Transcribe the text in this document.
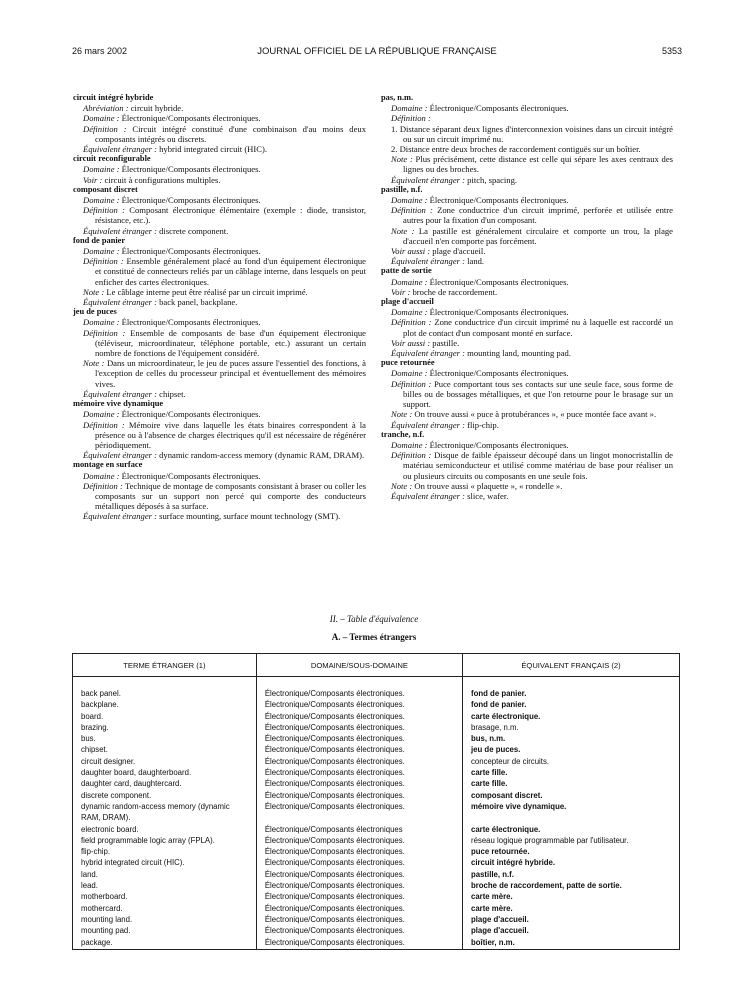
26 mars 2002	JOURNAL OFFICIEL DE LA RÉPUBLIQUE FRANÇAISE	5353
circuit intégré hybride
Abréviation : circuit hybride.
Domaine : Électronique/Composants électroniques.
Définition : Circuit intégré constitué d'une combinaison d'au moins deux composants intégrés ou discrets.
Équivalent étranger : hybrid integrated circuit (HIC).
circuit reconfigurable
Domaine : Électronique/Composants électroniques.
Voir : circuit à configurations multiples.
composant discret
Domaine : Électronique/Composants électroniques.
Définition : Composant électronique élémentaire (exemple : diode, transistor, résistance, etc.).
Équivalent étranger : discrete component.
fond de panier
Domaine : Électronique/Composants électroniques.
Définition : Ensemble généralement placé au fond d'un équipement électronique et constitué de connecteurs reliés par un câblage interne, dans lesquels on peut enficher des cartes électroniques.
Note : Le câblage interne peut être réalisé par un circuit imprimé.
Équivalent étranger : back panel, backplane.
jeu de puces
Domaine : Électronique/Composants électroniques.
Définition : Ensemble de composants de base d'un équipement électronique (téléviseur, microordinateur, téléphone portable, etc.) assurant un certain nombre de fonctions de l'équipement considéré.
Note : Dans un microordinateur, le jeu de puces assure l'essentiel des fonctions, à l'exception de celles du processeur principal et éventuellement des mémoires vives.
Équivalent étranger : chipset.
mémoire vive dynamique
Domaine : Électronique/Composants électroniques.
Définition : Mémoire vive dans laquelle les états binaires correspondent à la présence ou à l'absence de charges électriques qu'il est nécessaire de régénérer périodiquement.
Équivalent étranger : dynamic random-access memory (dynamic RAM, DRAM).
montage en surface
Domaine : Électronique/Composants électroniques.
Définition : Technique de montage de composants consistant à braser ou coller les composants sur un support non percé qui comporte des conducteurs métalliques déposés à sa surface.
Équivalent étranger : surface mounting, surface mount technology (SMT).
pas, n.m.
Domaine : Électronique/Composants électroniques.
Définition :
1. Distance séparant deux lignes d'interconnexion voisines dans un circuit intégré ou sur un circuit imprimé nu.
2. Distance entre deux broches de raccordement contiguës sur un boîtier.
Note : Plus précisément, cette distance est celle qui sépare les axes centraux des lignes ou des broches.
Équivalent étranger : pitch, spacing.
pastille, n.f.
Domaine : Électronique/Composants électroniques.
Définition : Zone conductrice d'un circuit imprimé, perforée et utilisée entre autres pour la fixation d'un composant.
Note : La pastille est généralement circulaire et comporte un trou, la plage d'accueil n'en comporte pas forcément.
Voir aussi : plage d'accueil.
Équivalent étranger : land.
patte de sortie
Domaine : Électronique/Composants électroniques.
Voir : broche de raccordement.
plage d'accueil
Domaine : Électronique/Composants électroniques.
Définition : Zone conductrice d'un circuit imprimé nu à laquelle est raccordé un plot de contact d'un composant monté en surface.
Voir aussi : pastille.
Équivalent étranger : mounting land, mounting pad.
puce retournée
Domaine : Électronique/Composants électroniques.
Définition : Puce comportant tous ses contacts sur une seule face, sous forme de billes ou de bossages métalliques, et que l'on retourne pour le brasage sur un support.
Note : On trouve aussi « puce à protubérances », « puce montée face avant ».
Équivalent étranger : flip-chip.
tranche, n.f.
Domaine : Électronique/Composants électroniques.
Définition : Disque de faible épaisseur découpé dans un lingot monocristallin de matériau semiconducteur et utilisé comme matériau de base pour réaliser un ou plusieurs circuits ou composants en une seule fois.
Note : On trouve aussi « plaquette », « rondelle ».
Équivalent étranger : slice, wafer.
II. – Table d'équivalence
A. – Termes étrangers
TERME ÉTRANGER (1)	DOMAINE/SOUS-DOMAINE	ÉQUIVALENT FRANÇAIS (2)

back panel.	Électronique/Composants électroniques.	fond de panier.
backplane.	Électronique/Composants électroniques.	fond de panier.
board.	Électronique/Composants électroniques.	carte électronique.
brazing.	Électronique/Composants électroniques.	brasage, n.m.
bus.	Électronique/Composants électroniques.	bus, n.m.
chipset.	Électronique/Composants électroniques.	jeu de puces.
circuit designer.	Électronique/Composants électroniques.	concepteur de circuits.
daughter board, daughterboard.	Électronique/Composants électroniques.	carte fille.
daughter card, daughtercard.	Électronique/Composants électroniques.	carte fille.
discrete component.	Électronique/Composants électroniques.	composant discret.
dynamic random-access memory (dynamic	Électronique/Composants électroniques.	mémoire vive dynamique.
RAM, DRAM).		
electronic board.	Électronique/Composants électroniques	carte électronique.
field programmable logic array (FPLA).	Électronique/Composants électroniques.	réseau logique programmable par l'utilisateur.
flip-chip.	Électronique/Composants électroniques.	puce retournée.
hybrid integrated circuit (HIC).	Électronique/Composants électroniques.	circuit intégré hybride.
land.	Électronique/Composants électroniques.	pastille, n.f.
lead.	Électronique/Composants électroniques.	broche de raccordement, patte de sortie.
motherboard.	Électronique/Composants électroniques.	carte mère.
mothercard.	Électronique/Composants électroniques.	carte mère.
mounting land.	Électronique/Composants électroniques.	plage d'accueil.
mounting pad.	Électronique/Composants électroniques.	plage d'accueil.
package.	Électronique/Composants électroniques.	boîtier, n.m.
